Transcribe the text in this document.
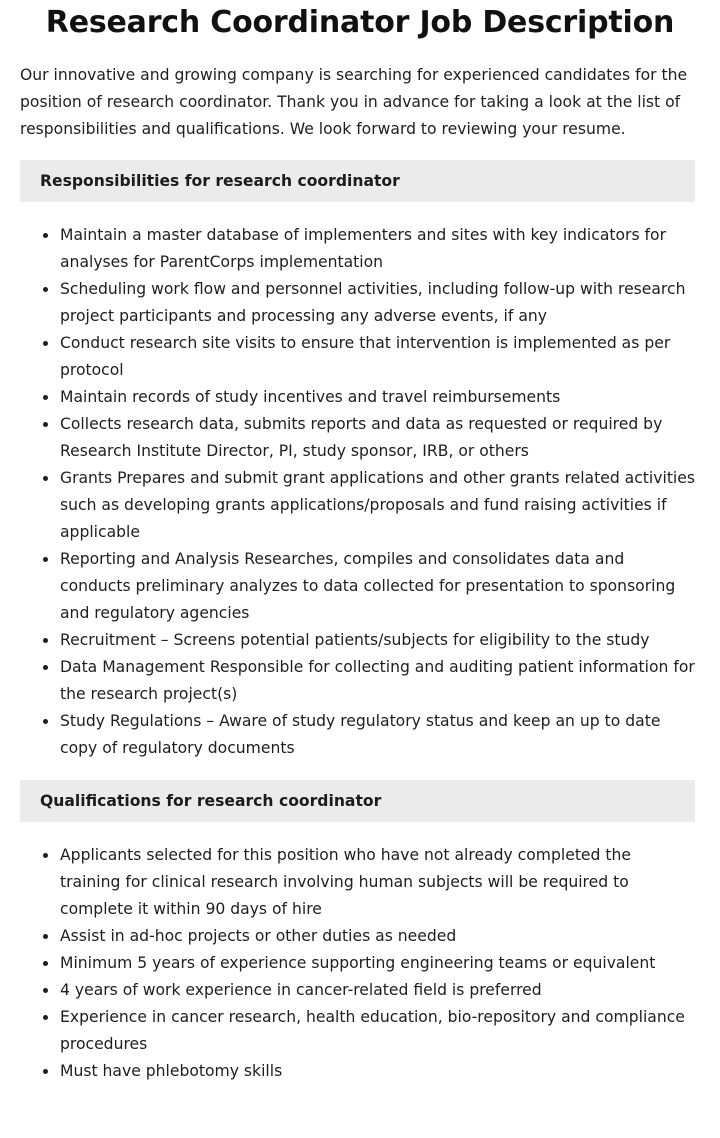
Research Coordinator Job Description

Our innovative and growing company is searching for experienced candidates for the position of research coordinator. Thank you in advance for taking a look at the list of responsibilities and qualifications. We look forward to reviewing your resume.

Responsibilities for research coordinator
Maintain a master database of implementers and sites with key indicators for analyses for ParentCorps implementation
Scheduling work flow and personnel activities, including follow-up with research project participants and processing any adverse events, if any
Conduct research site visits to ensure that intervention is implemented as per protocol
Maintain records of study incentives and travel reimbursements
Collects research data, submits reports and data as requested or required by Research Institute Director, PI, study sponsor, IRB, or others
Grants Prepares and submit grant applications and other grants related activities such as developing grants applications/proposals and fund raising activities if applicable
Reporting and Analysis Researches, compiles and consolidates data and conducts preliminary analyzes to data collected for presentation to sponsoring and regulatory agencies
Recruitment – Screens potential patients/subjects for eligibility to the study
Data Management Responsible for collecting and auditing patient information for the research project(s)
Study Regulations – Aware of study regulatory status and keep an up to date copy of regulatory documents
Qualifications for research coordinator
Applicants selected for this position who have not already completed the training for clinical research involving human subjects will be required to complete it within 90 days of hire
Assist in ad-hoc projects or other duties as needed
Minimum 5 years of experience supporting engineering teams or equivalent
4 years of work experience in cancer-related field is preferred
Experience in cancer research, health education, bio-repository and compliance procedures
Must have phlebotomy skills
